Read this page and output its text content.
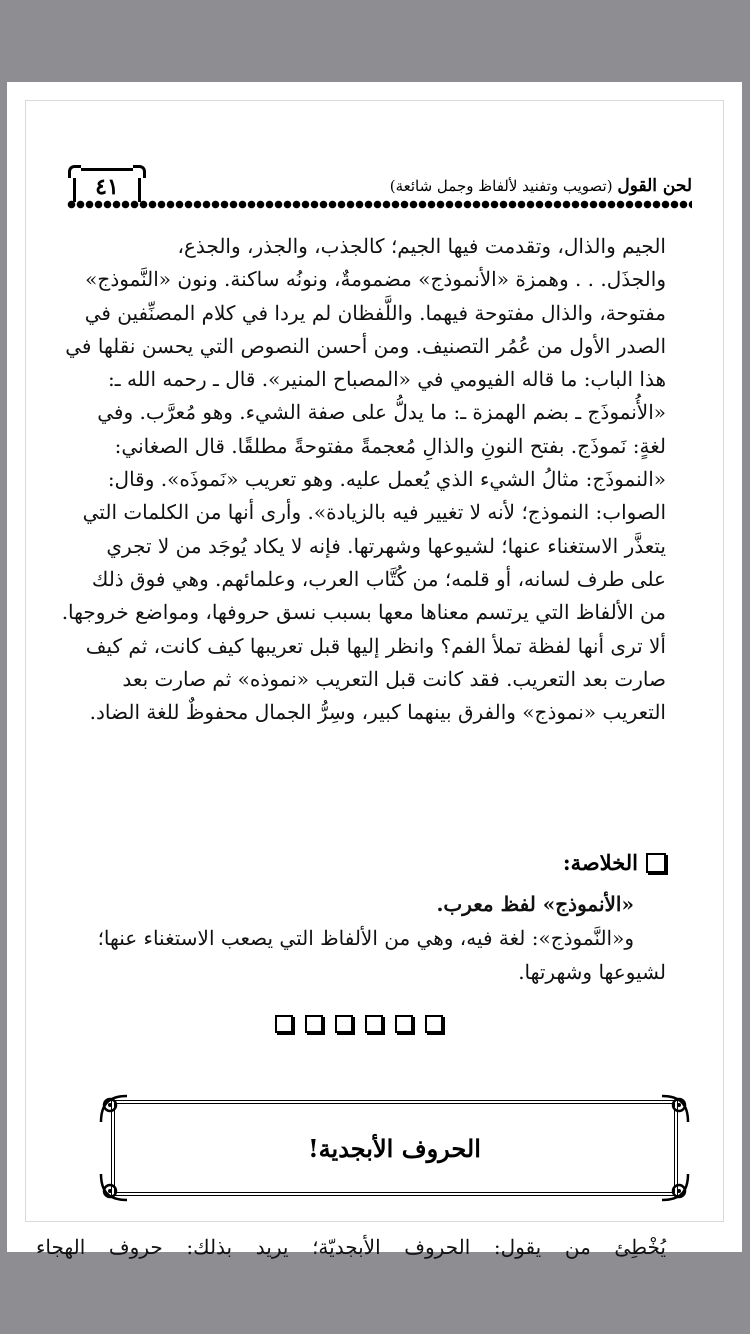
٤١	لحن القول (تصويب وتفنيد لألفاظ وجمل شائعة)

الجيم والذال، وتقدمت فيها الجيم؛ كالجذب، والجذر، والجذع،

والجذَل. . . وهمزة «الأنموذج» مضمومةٌ، ونونُه ساكنة. ونون «النَّموذج»

مفتوحة، والذال مفتوحة فيهما. واللَّفظان لم يردا في كلام المصنِّفين في

الصدر الأول من عُمُر التصنيف. ومن أحسن النصوص التي يحسن نقلها في

هذا الباب: ما قاله الفيومي في «المصباح المنير». قال ـ رحمه الله ـ:

«الأُنموذَج ـ بضم الهمزة ـ: ما يدلُّ على صفة الشيء. وهو مُعرَّب. وفي

لغةٍ: نَموذَج. بفتح النونِ والذالِ مُعجمةً مفتوحةً مطلقًا. قال الصغاني:

«النموذَج: مثالُ الشيء الذي يُعمل عليه. وهو تعريب «نَموذَه». وقال:

الصواب: النموذج؛ لأنه لا تغيير فيه بالزيادة». وأرى أنها من الكلمات التي

يتعذَّر الاستغناء عنها؛ لشيوعها وشهرتها. فإنه لا يكاد يُوجَد من لا تجري

على طرف لسانه، أو قلمه؛ من كُتَّاب العرب، وعلمائهم. وهي فوق ذلك

من الألفاظ التي يرتسم معناها معها بسبب نسق حروفها، ومواضع خروجها.

ألا ترى أنها لفظة تملأ الفم؟ وانظر إليها قبل تعريبها كيف كانت، ثم كيف

صارت بعد التعريب. فقد كانت قبل التعريب «نموذه» ثم صارت بعد

التعريب «نموذج» والفرق بينهما كبير، وسِرُّ الجمال محفوظٌ للغة الضاد.

الخلاصة:

«الأنموذج» لفظ معرب.

و«النَّموذج»: لغة فيه، وهي من الألفاظ التي يصعب الاستغناء عنها؛

لشيوعها وشهرتها.

الحروف الأبجدية!
يُخْطِئ من يقول: الحروف الأبجديّة؛ يريد بذلك: حروف الهجاء
